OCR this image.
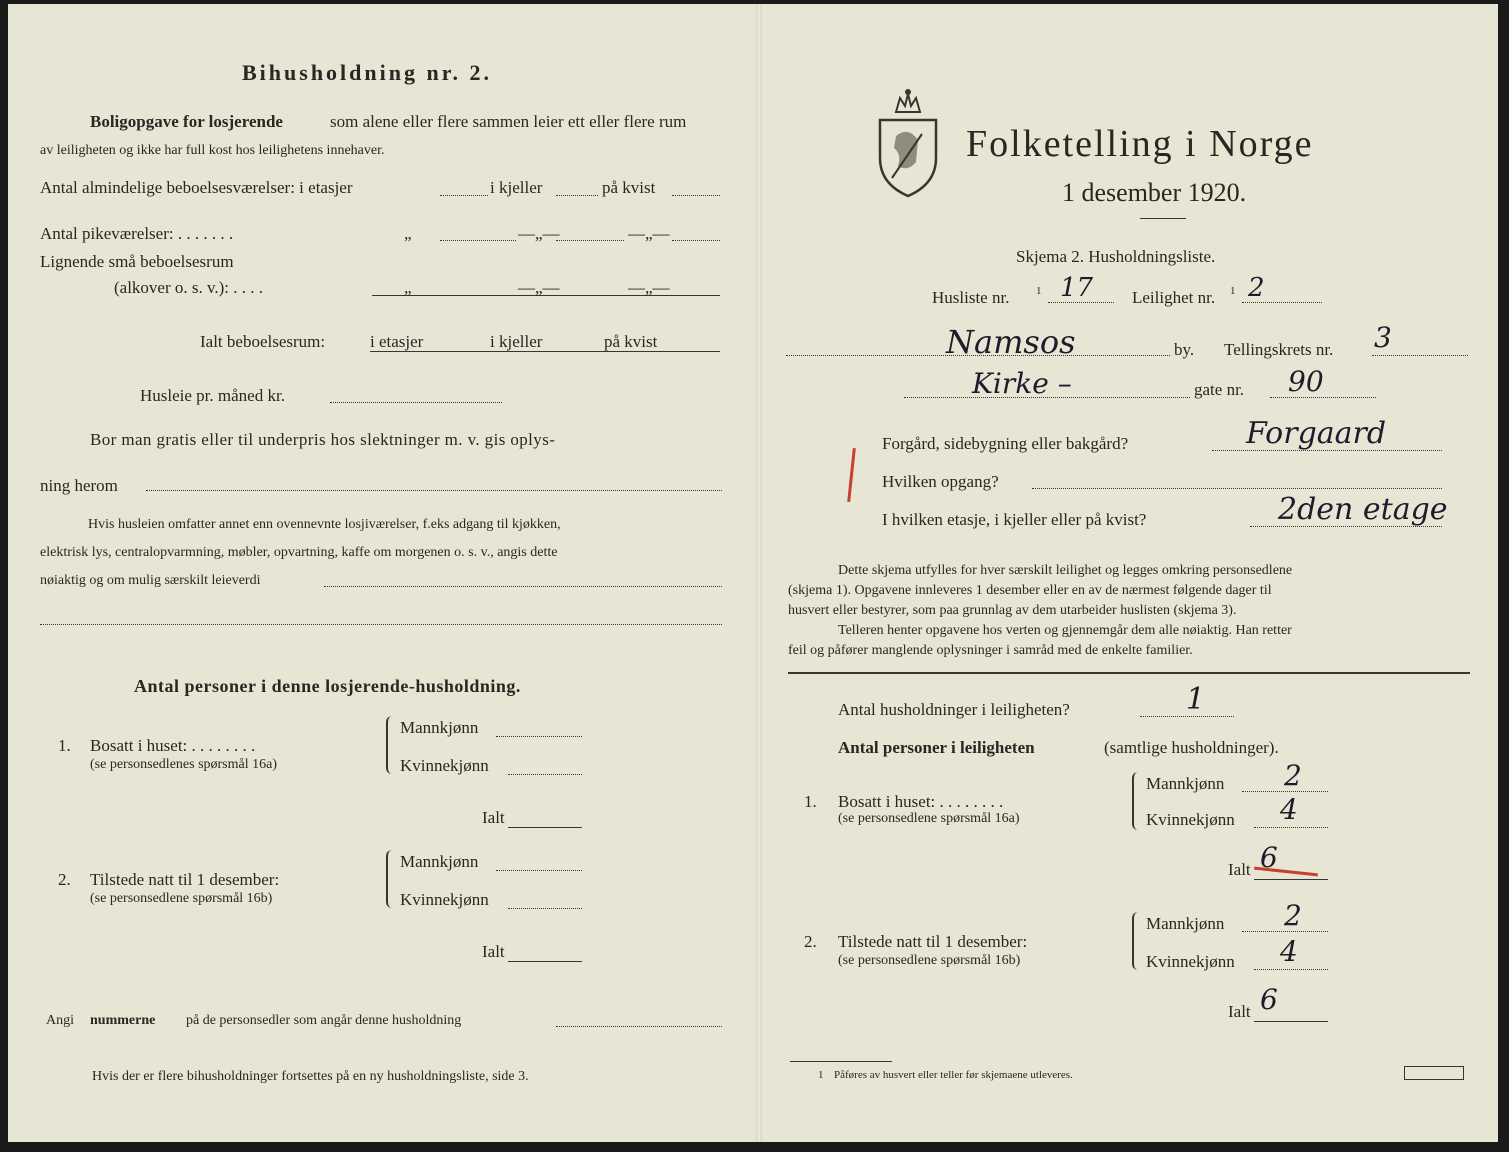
Bihusholdning nr. 2.
Boligopgave for losjerende	som alene eller flere sammen leier ett eller flere rum
av leiligheten og ikke har full kost hos leilighetens innehaver.
Antal almindelige beboelsesværelser: i etasjer	i kjeller	på kvist
Antal pikeværelser: . . . . . . .	„	—„—	—„—
Lignende små beboelsesrum
(alkover o. s. v.): . . . .	„	—„—	—„—
Ialt beboelsesrum:	i etasjer	i kjeller	på kvist
Husleie pr. måned kr.
Bor man gratis eller til underpris hos slektninger m. v. gis oplys-
ning herom
Hvis husleien omfatter annet enn ovennevnte losjiværelser, f.eks adgang til kjøkken,
elektrisk lys, centralopvarmning, møbler, opvartning, kaffe om morgenen o. s. v., angis dette
nøiaktig og om mulig særskilt leieverdi
Antal personer i denne losjerende-husholdning.
1. Bosatt i huset: . . . . . . . .
(se personsedlenes spørsmål 16a)
Mannkjønn
Kvinnekjønn
Ialt
2. Tilstede natt til 1 desember:
(se personsedlene spørsmål 16b)
Mannkjønn
Kvinnekjønn
Ialt
Angi nummerne på de personsedler som angår denne husholdning
Hvis der er flere bihusholdninger fortsettes på en ny husholdningsliste, side 3.
Folketelling i Norge
1 desember 1920.
Skjema 2. Husholdningsliste.
Husliste nr. 1 17 Leilighet nr. 1 2
Namsos	by. Tellingskrets nr. 3
Kirke –	gate nr. 90
Forgård, sidebygning eller bakgård?	Forgaard
Hvilken opgang?
I hvilken etasje, i kjeller eller på kvist?	2den etage
Dette skjema utfylles for hver særskilt leilighet og legges omkring personsedlene
(skjema 1). Opgavene innleveres 1 desember eller en av de nærmest følgende dager til
husvert eller bestyrer, som paa grunnlag av dem utarbeider huslisten (skjema 3).
Telleren henter opgavene hos verten og gjennemgår dem alle nøiaktig. Han retter
feil og påfører manglende oplysninger i samråd med de enkelte familier.
Antal husholdninger i leiligheten?	1
Antal personer i leiligheten	(samtlige husholdninger).
1. Bosatt i huset: . . . . . . . .
(se personsedlene spørsmål 16a)
Mannkjønn 2
Kvinnekjønn 4
Ialt 6
2. Tilstede natt til 1 desember:
(se personsedlene spørsmål 16b)
Mannkjønn 2
Kvinnekjønn 4
Ialt 6
1 Påføres av husvert eller teller før skjemaene utleveres.
